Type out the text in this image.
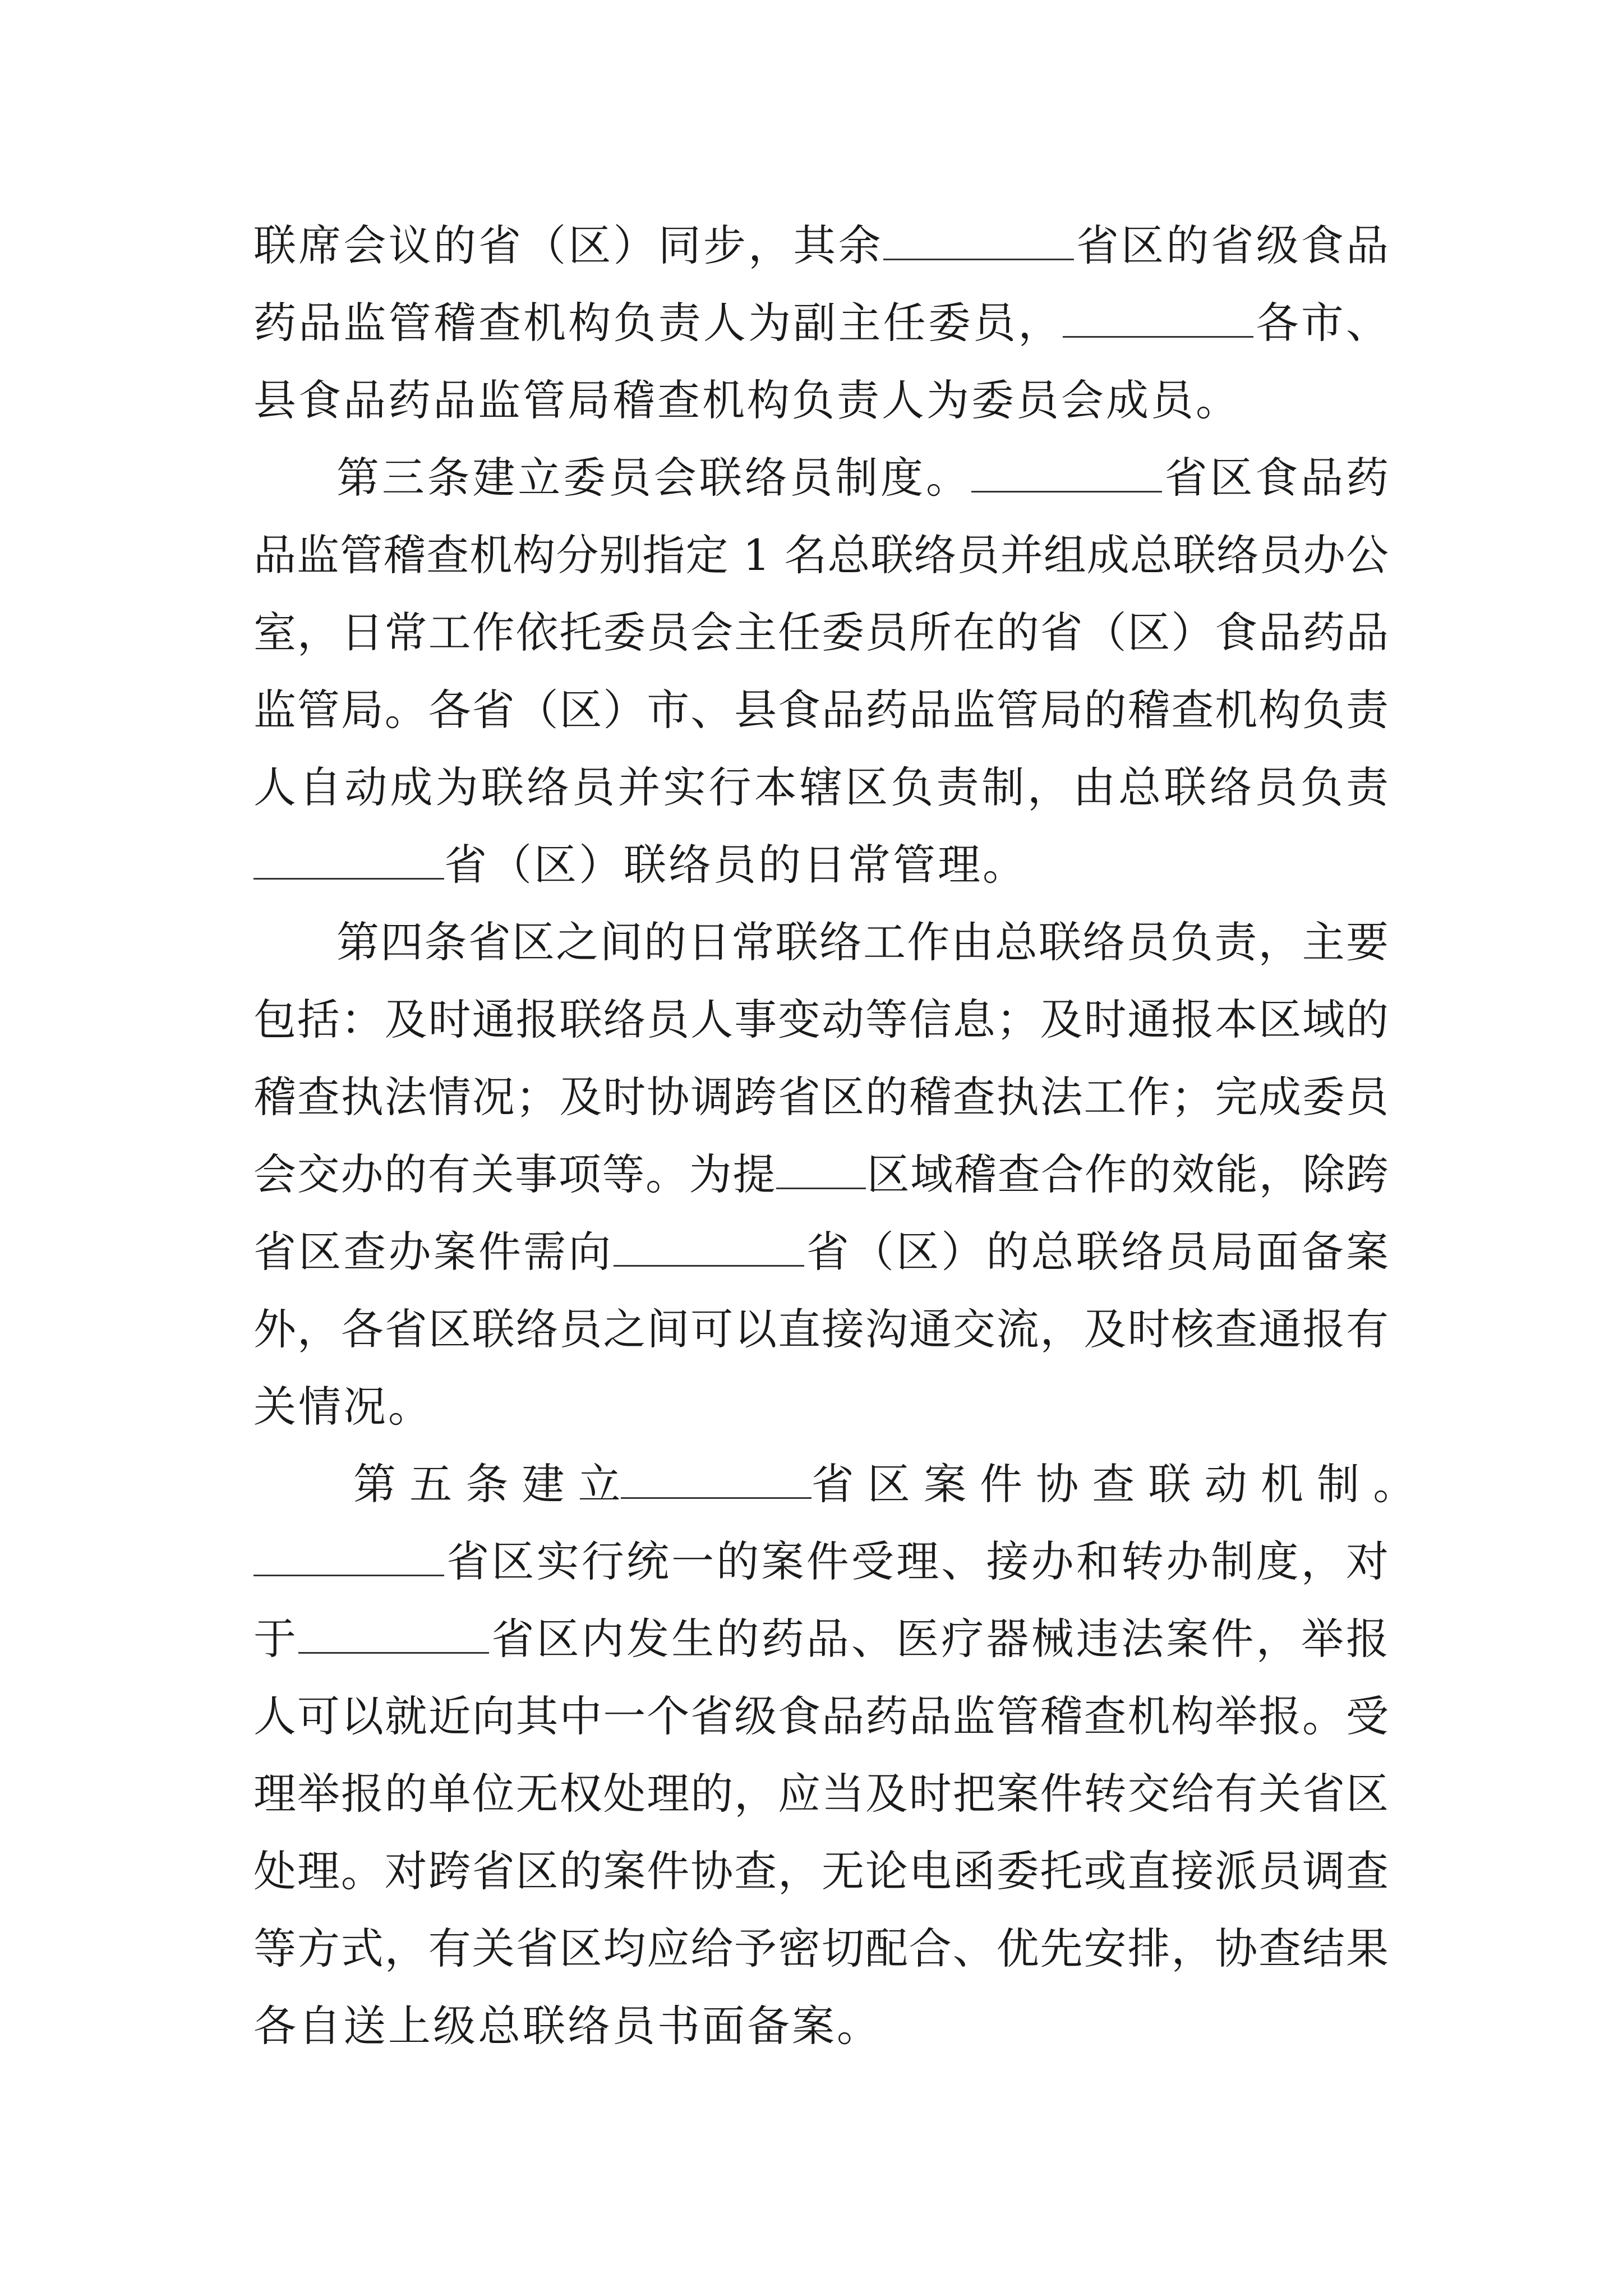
联席会议的省（区）同步，其余	省区的省级食品
药品监管稽查机构负责人为副主任委员，	各市、
县食品药品监管局稽查机构负责人为委员会成员。
第三条建立委员会联络员制度。	省区食品药
品监管稽查机构分别指定 1 名总联络员并组成总联络员办公
室，日常工作依托委员会主任委员所在的省（区）食品药品
监管局。各省（区）市、县食品药品监管局的稽查机构负责
人自动成为联络员并实行本辖区负责制，由总联络员负责
省（区）联络员的日常管理。
第四条省区之间的日常联络工作由总联络员负责，主要
包括：及时通报联络员人事变动等信息；及时通报本区域的
稽查执法情况；及时协调跨省区的稽查执法工作；完成委员
会交办的有关事项等。为提 区域稽查合作的效能，除跨
省区查办案件需向	省（区）的总联络员局面备案
外，各省区联络员之间可以直接沟通交流，及时核查通报有
关情况。
第 五 条 建 立	省 区 案 件 协 查 联 动 机 制 。
省区实行统一的案件受理、接办和转办制度，对
于	省区内发生的药品、医疗器械违法案件，举报
人可以就近向其中一个省级食品药品监管稽查机构举报。受
理举报的单位无权处理的，应当及时把案件转交给有关省区
处理。对跨省区的案件协查，无论电函委托或直接派员调查
等方式，有关省区均应给予密切配合、优先安排，协查结果
各自送上级总联络员书面备案。
